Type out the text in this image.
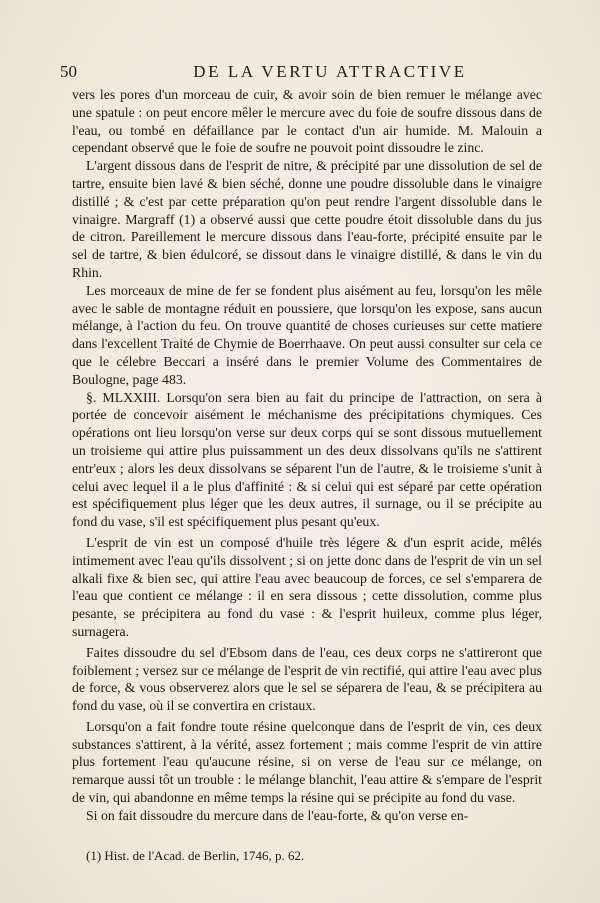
50	DE LA VERTU ATTRACTIVE

vers les pores d'un morceau de cuir, & avoir soin de bien remuer le mélange avec une spatule : on peut encore mêler le mercure avec du foie de soufre dissous dans de l'eau, ou tombé en défaillance par le contact d'un air humide. M. Malouin a cependant observé que le foie de soufre ne pouvoit point dissoudre le zinc.

L'argent dissous dans de l'esprit de nitre, & précipité par une dissolution de sel de tartre, ensuite bien lavé & bien séché, donne une poudre dissoluble dans le vinaigre distillé ; & c'est par cette préparation qu'on peut rendre l'argent dissoluble dans le vinaigre. Margraff (1) a observé aussi que cette poudre étoit dissoluble dans du jus de citron. Pareillement le mercure dissous dans l'eau-forte, précipité ensuite par le sel de tartre, & bien édulcoré, se dissout dans le vinaigre distillé, & dans le vin du Rhin.

Les morceaux de mine de fer se fondent plus aisément au feu, lorsqu'on les mêle avec le sable de montagne réduit en poussiere, que lorsqu'on les expose, sans aucun mélange, à l'action du feu. On trouve quantité de choses curieuses sur cette matiere dans l'excellent Traité de Chymie de Boerrhaave. On peut aussi consulter sur cela ce que le célebre Beccari a inséré dans le premier Volume des Commentaires de Boulogne, page 483.

§. MLXXIII. Lorsqu'on sera bien au fait du principe de l'attraction, on sera à portée de concevoir aisément le méchanisme des précipitations chymiques. Ces opérations ont lieu lorsqu'on verse sur deux corps qui se sont dissous mutuellement un troisieme qui attire plus puissamment un des deux dissolvans qu'ils ne s'attirent entr'eux ; alors les deux dissolvans se séparent l'un de l'autre, & le troisieme s'unit à celui avec lequel il a le plus d'affinité : & si celui qui est séparé par cette opération est spécifiquement plus léger que les deux autres, il surnage, ou il se précipite au fond du vase, s'il est spécifiquement plus pesant qu'eux.

L'esprit de vin est un composé d'huile très légere & d'un esprit acide, mêlés intimement avec l'eau qu'ils dissolvent ; si on jette donc dans de l'esprit de vin un sel alkali fixe & bien sec, qui attire l'eau avec beaucoup de forces, ce sel s'emparera de l'eau que contient ce mélange : il en sera dissous ; cette dissolution, comme plus pesante, se précipitera au fond du vase : & l'esprit huileux, comme plus léger, surnagera.

Faites dissoudre du sel d'Ebsom dans de l'eau, ces deux corps ne s'attireront que foiblement ; versez sur ce mélange de l'esprit de vin rectifié, qui attire l'eau avec plus de force, & vous observerez alors que le sel se séparera de l'eau, & se précipitera au fond du vase, où il se convertira en cristaux.

Lorsqu'on a fait fondre toute résine quelconque dans de l'esprit de vin, ces deux substances s'attirent, à la vérité, assez fortement ; mais comme l'esprit de vin attire plus fortement l'eau qu'aucune résine, si on verse de l'eau sur ce mélange, on remarque aussi tôt un trouble : le mélange blanchit, l'eau attire & s'empare de l'esprit de vin, qui abandonne en même temps la résine qui se précipite au fond du vase.

Si on fait dissoudre du mercure dans de l'eau-forte, & qu'on verse en-

(1) Hist. de l'Acad. de Berlin, 1746, p. 62.
